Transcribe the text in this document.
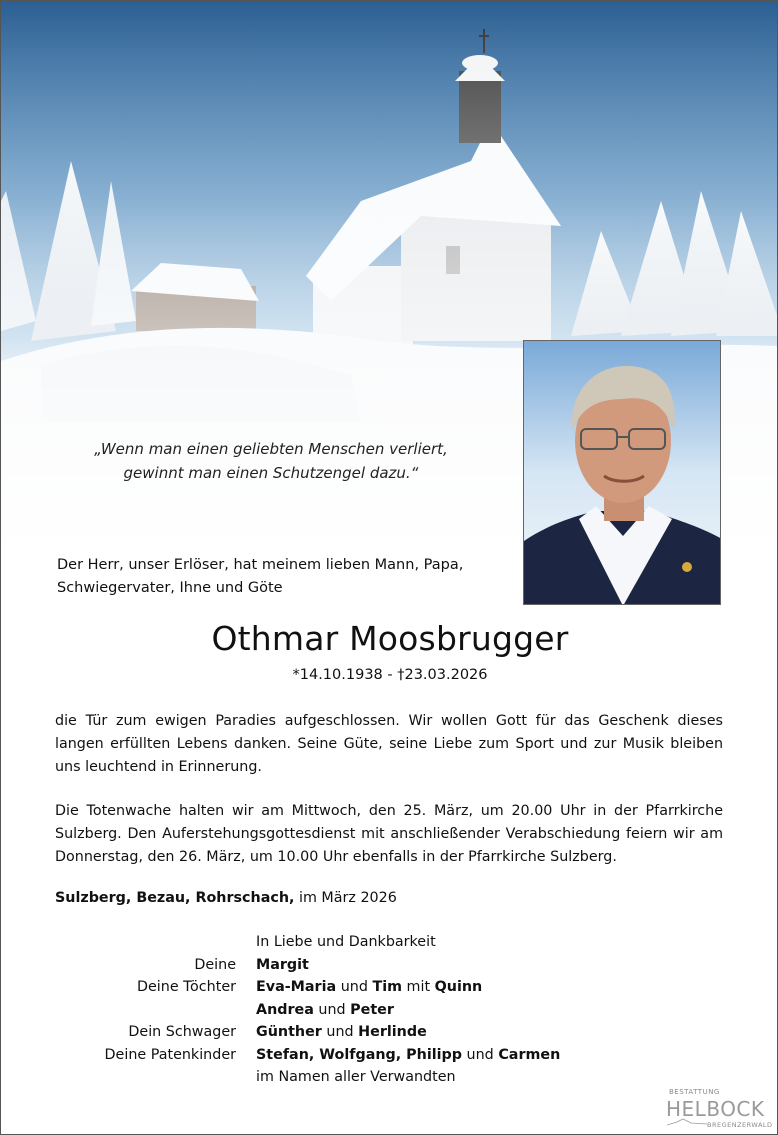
„Wenn man einen geliebten Menschen verliert,
gewinnt man einen Schutzengel dazu.“
Der Herr, unser Erlöser, hat meinem lieben Mann, Papa,
Schwiegervater, Ihne und Göte
Othmar Moosbrugger
*14.10.1938 - †23.03.2026
die Tür zum ewigen Paradies aufgeschlossen. Wir wollen Gott für das Geschenk dieses langen erfüllten Lebens danken. Seine Güte, seine Liebe zum Sport und zur Musik bleiben uns leuchtend in Erinnerung.
Die Totenwache halten wir am Mittwoch, den 25. März, um 20.00 Uhr in der Pfarrkirche Sulzberg. Den Auferstehungsgottesdienst mit anschließender Verabschiedung feiern wir am Donnerstag, den 26. März, um 10.00 Uhr ebenfalls in der Pfarrkirche Sulzberg.
Sulzberg, Bezau, Rohrschach, im März 2026
In Liebe und Dankbarkeit
Deine Margit
Deine Töchter Eva-Maria und Tim mit Quinn
Andrea und Peter
Dein Schwager Günther und Herlinde
Deine Patenkinder Stefan, Wolfgang, Philipp und Carmen
im Namen aller Verwandten
BESTATTUNG
HELBOCK
BREGENZERWALD
